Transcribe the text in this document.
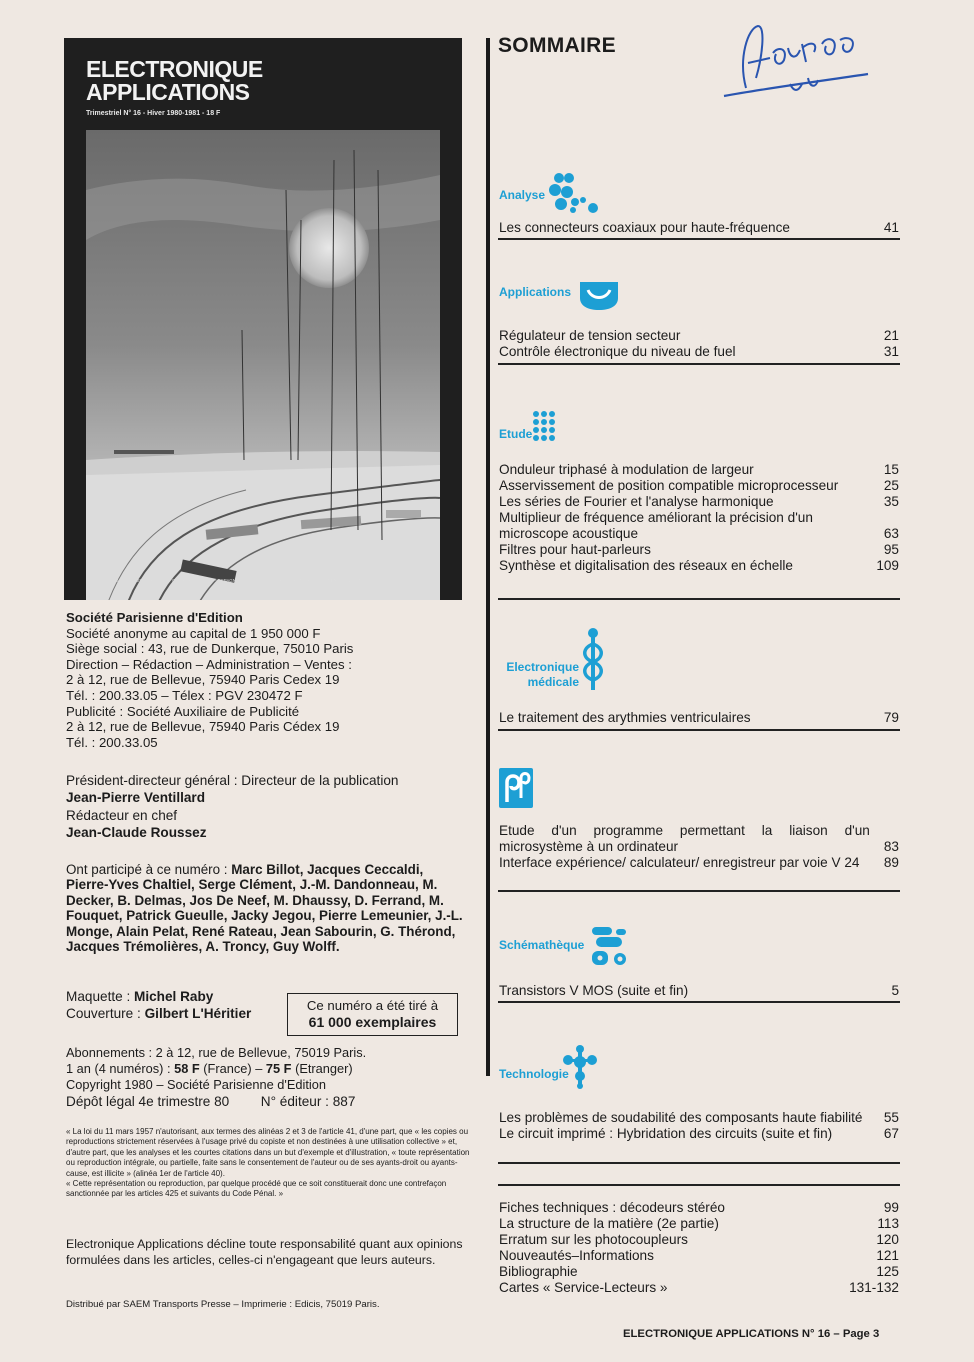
ELECTRONIQUE
APPLICATIONS
Trimestriel N° 16 - Hiver 1980-1981 - 18 F
SUISSE : 5.50 FS - TUNISIE : 2070 MIL - CANADA : CAN $ 3.– - ESPAGNE : 280 PESETAS - ITALIE : 4000 LIRES - BELGIQUE : 148 F.B.
Société Parisienne d'Edition
Société anonyme au capital de 1 950 000 F
Siège social : 43, rue de Dunkerque, 75010 Paris
Direction – Rédaction – Administration – Ventes :
2 à 12, rue de Bellevue, 75940 Paris Cedex 19
Tél. : 200.33.05 – Télex : PGV 230472 F
Publicité : Société Auxiliaire de Publicité
2 à 12, rue de Bellevue, 75940 Paris Cédex 19
Tél. : 200.33.05
Président-directeur général : Directeur de la publication
Jean-Pierre Ventillard
Rédacteur en chef
Jean-Claude Roussez
Ont participé à ce numéro : Marc Billot, Jacques Ceccaldi, Pierre-Yves Chaltiel, Serge Clément, J.-M. Dandonneau, M. Decker, B. Delmas, Jos De Neef, M. Dhaussy, D. Ferrand, M. Fouquet, Patrick Gueulle, Jacky Jegou, Pierre Lemeunier, J.-L. Monge, Alain Pelat, René Rateau, Jean Sabourin, G. Thérond, Jacques Trémolières, A. Troncy, Guy Wolff.
Maquette : Michel Raby
Couverture : Gilbert L'Héritier
Ce numéro a été tiré à
61 000 exemplaires
Abonnements : 2 à 12, rue de Bellevue, 75019 Paris.
1 an (4 numéros) : 58 F (France) – 75 F (Etranger)
Copyright 1980 – Société Parisienne d'Edition
Dépôt légal 4e trimestre 80 N° éditeur : 887
« La loi du 11 mars 1957 n'autorisant, aux termes des alinéas 2 et 3 de l'article 41, d'une part, que « les copies ou reproductions strictement réservées à l'usage privé du copiste et non destinées à une utilisation collective » et, d'autre part, que les analyses et les courtes citations dans un but d'exemple et d'illustration, « toute représentation ou reproduction intégrale, ou partielle, faite sans le consentement de l'auteur ou de ses ayants-droit ou ayants-cause, est illicite » (alinéa 1er de l'article 40).
« Cette représentation ou reproduction, par quelque procédé que ce soit constituerait donc une contrefaçon sanctionnée par les articles 425 et suivants du Code Pénal. »
Electronique Applications décline toute responsabilité quant aux opinions formulées dans les articles, celles-ci n'engageant que leurs auteurs.
Distribué par SAEM Transports Presse – Imprimerie : Edicis, 75019 Paris.
SOMMAIRE
Analyse
Les connecteurs coaxiaux pour haute-fréquence	41
Applications
Régulateur de tension secteur	21
Contrôle électronique du niveau de fuel	31
Etude
Onduleur triphasé à modulation de largeur	15
Asservissement de position compatible microprocesseur	25
Les séries de Fourier et l'analyse harmonique	35
Multiplieur de fréquence améliorant la précision d'un microscope acoustique	63
Filtres pour haut-parleurs	95
Synthèse et digitalisation des réseaux en échelle	109
Electronique
médicale
Le traitement des arythmies ventriculaires	79
Etude d'un programme permettant la liaison d'un microsystème à un ordinateur	83
Interface expérience/ calculateur/ enregistreur par voie V 24	89
Schémathèque
Transistors V MOS (suite et fin)	5
Technologie
Les problèmes de soudabilité des composants haute fiabilité	55
Le circuit imprimé : Hybridation des circuits (suite et fin)	67
Fiches techniques : décodeurs stéréo	99
La structure de la matière (2e partie)	113
Erratum sur les photocoupleurs	120
Nouveautés–Informations	121
Bibliographie	125
Cartes « Service-Lecteurs »	131-132
ELECTRONIQUE APPLICATIONS N° 16 – Page 3
